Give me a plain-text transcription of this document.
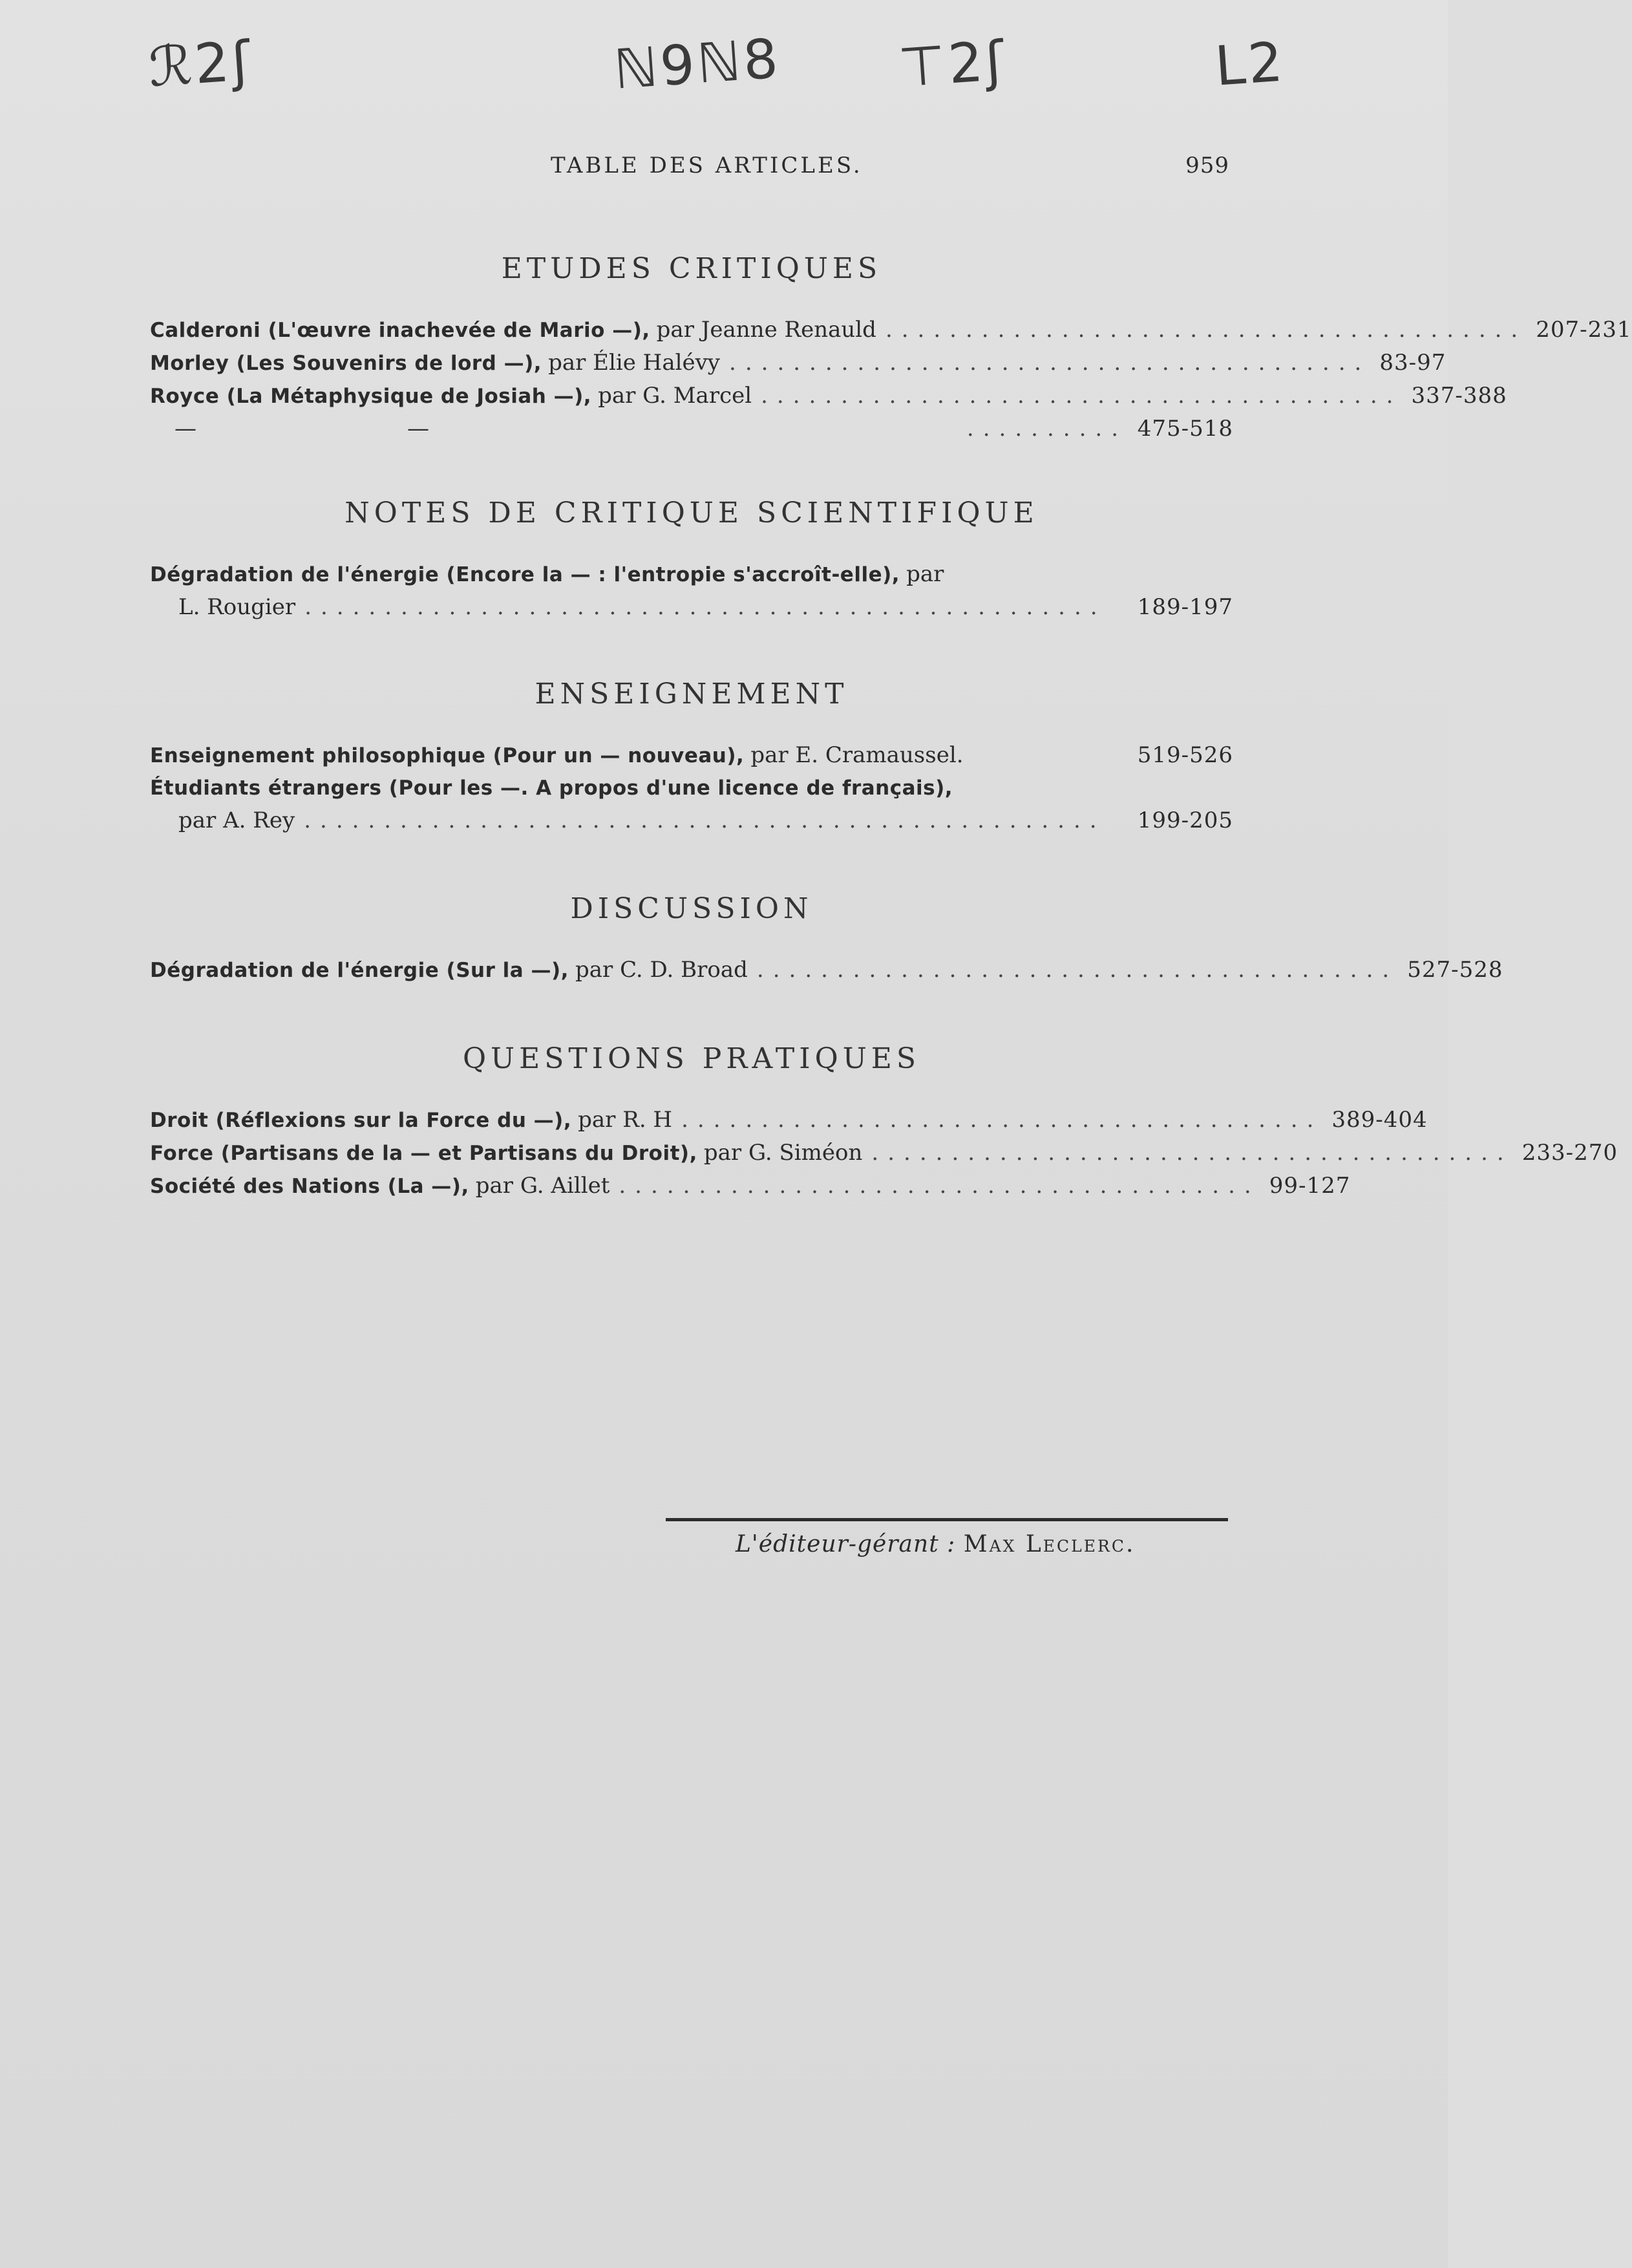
ℛ2ʃ	ℕ9ℕ8 ⊤2ʃ	L2
TABLE DES ARTICLES.	959
ETUDES CRITIQUES
Calderoni (L'œuvre inachevée de Mario —), par Jeanne Renauld ........................................ 207-231
Morley (Les Souvenirs de lord —), par Élie Halévy ........................................ 83-97
Royce (La Métaphysique de Josiah —), par G. Marcel ........................................ 337-388
—	—	.......... 475-518
NOTES DE CRITIQUE SCIENTIFIQUE
Dégradation de l'énergie (Encore la — : l'entropie s'accroît-elle), par
L. Rougier ..................................................	189-197
ENSEIGNEMENT
Enseignement philosophique (Pour un — nouveau), par E. Cramaussel.	519-526
Étudiants étrangers (Pour les —. A propos d'une licence de français),
par A. Rey ..................................................	199-205
DISCUSSION
Dégradation de l'énergie (Sur la —), par C. D. Broad ........................................ 527-528
QUESTIONS PRATIQUES
Droit (Réflexions sur la Force du —), par R. H ........................................ 389-404
Force (Partisans de la — et Partisans du Droit), par G. Siméon ........................................ 233-270
Société des Nations (La —), par G. Aillet ........................................ 99-127
L'éditeur-gérant : Max Leclerc.
